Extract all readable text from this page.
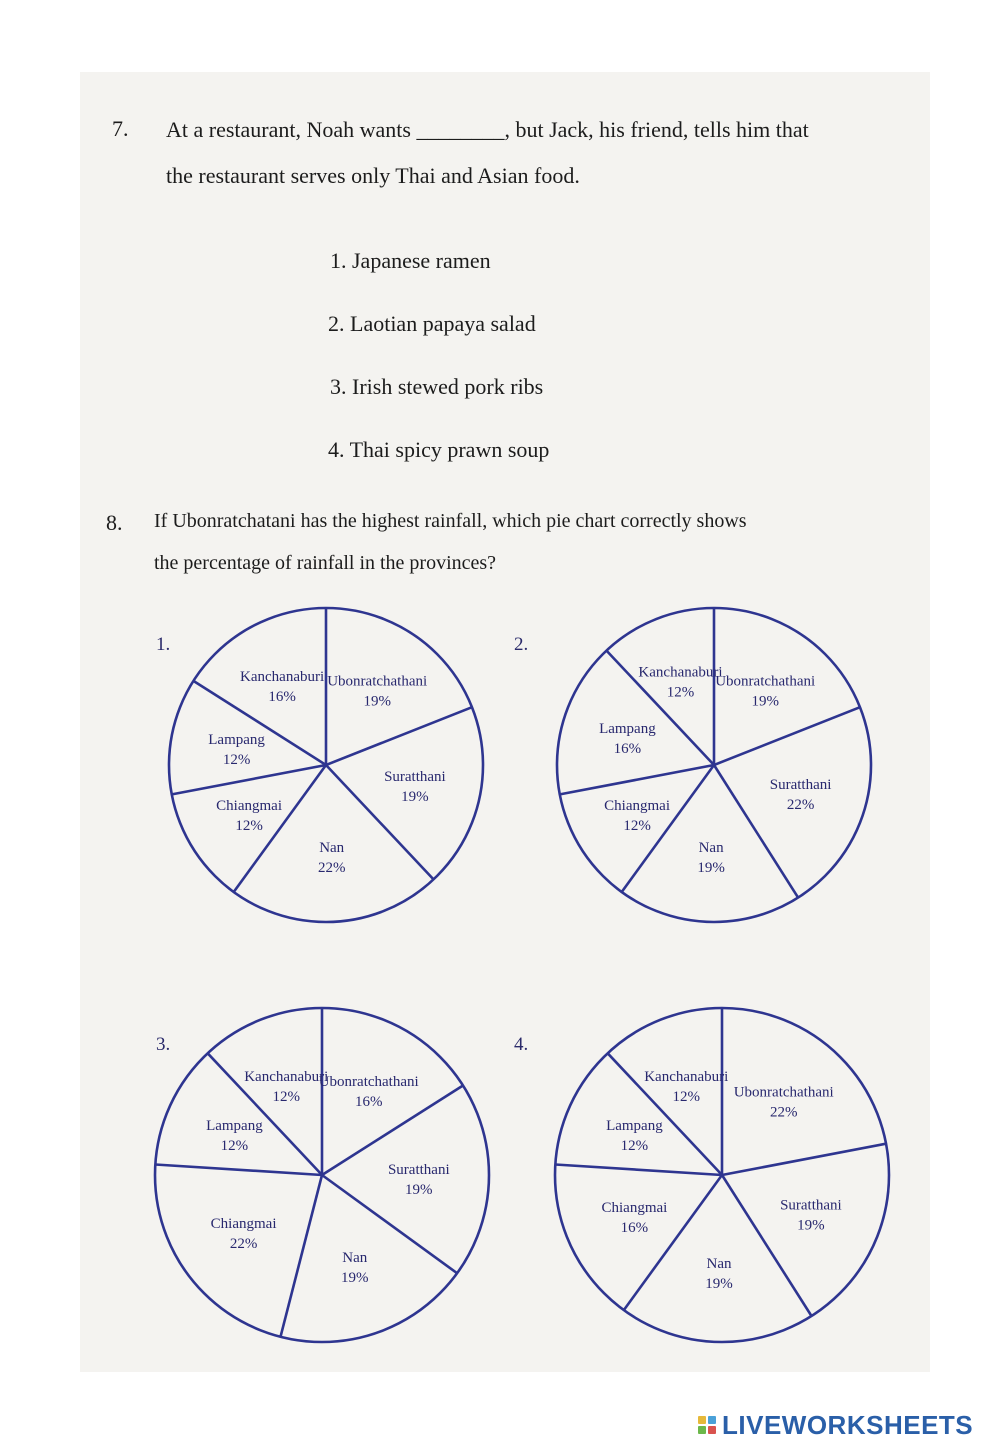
7. At a restaurant, Noah wants ________, but Jack, his friend, tells him that
the restaurant serves only Thai and Asian food.
1. Japanese ramen
2. Laotian papaya salad
3. Irish stewed pork ribs
4. Thai spicy prawn soup
8. If Ubonratchatani has the highest rainfall, which pie chart correctly shows
the percentage of rainfall in the provinces?
1.	2.
3.	4.
Ubonratchathani
19%
Suratthani
19%
Nan
22%
Chiangmai
12%
Lampang
12%
Kanchanaburi
16%
Ubonratchathani
19%
Suratthani
22%
Nan
19%
Chiangmai
12%
Lampang
16%
Kanchanaburi
12%
Ubonratchathani
16%
Suratthani
19%
Nan
19%
Chiangmai
22%
Lampang
12%
Kanchanaburi
12%	Ubonratchathani
22%
Suratthani
19%
Nan
19%
Chiangmai
16%
Lampang
12%
Kanchanaburi
12%
LIVEWORKSHEETS
